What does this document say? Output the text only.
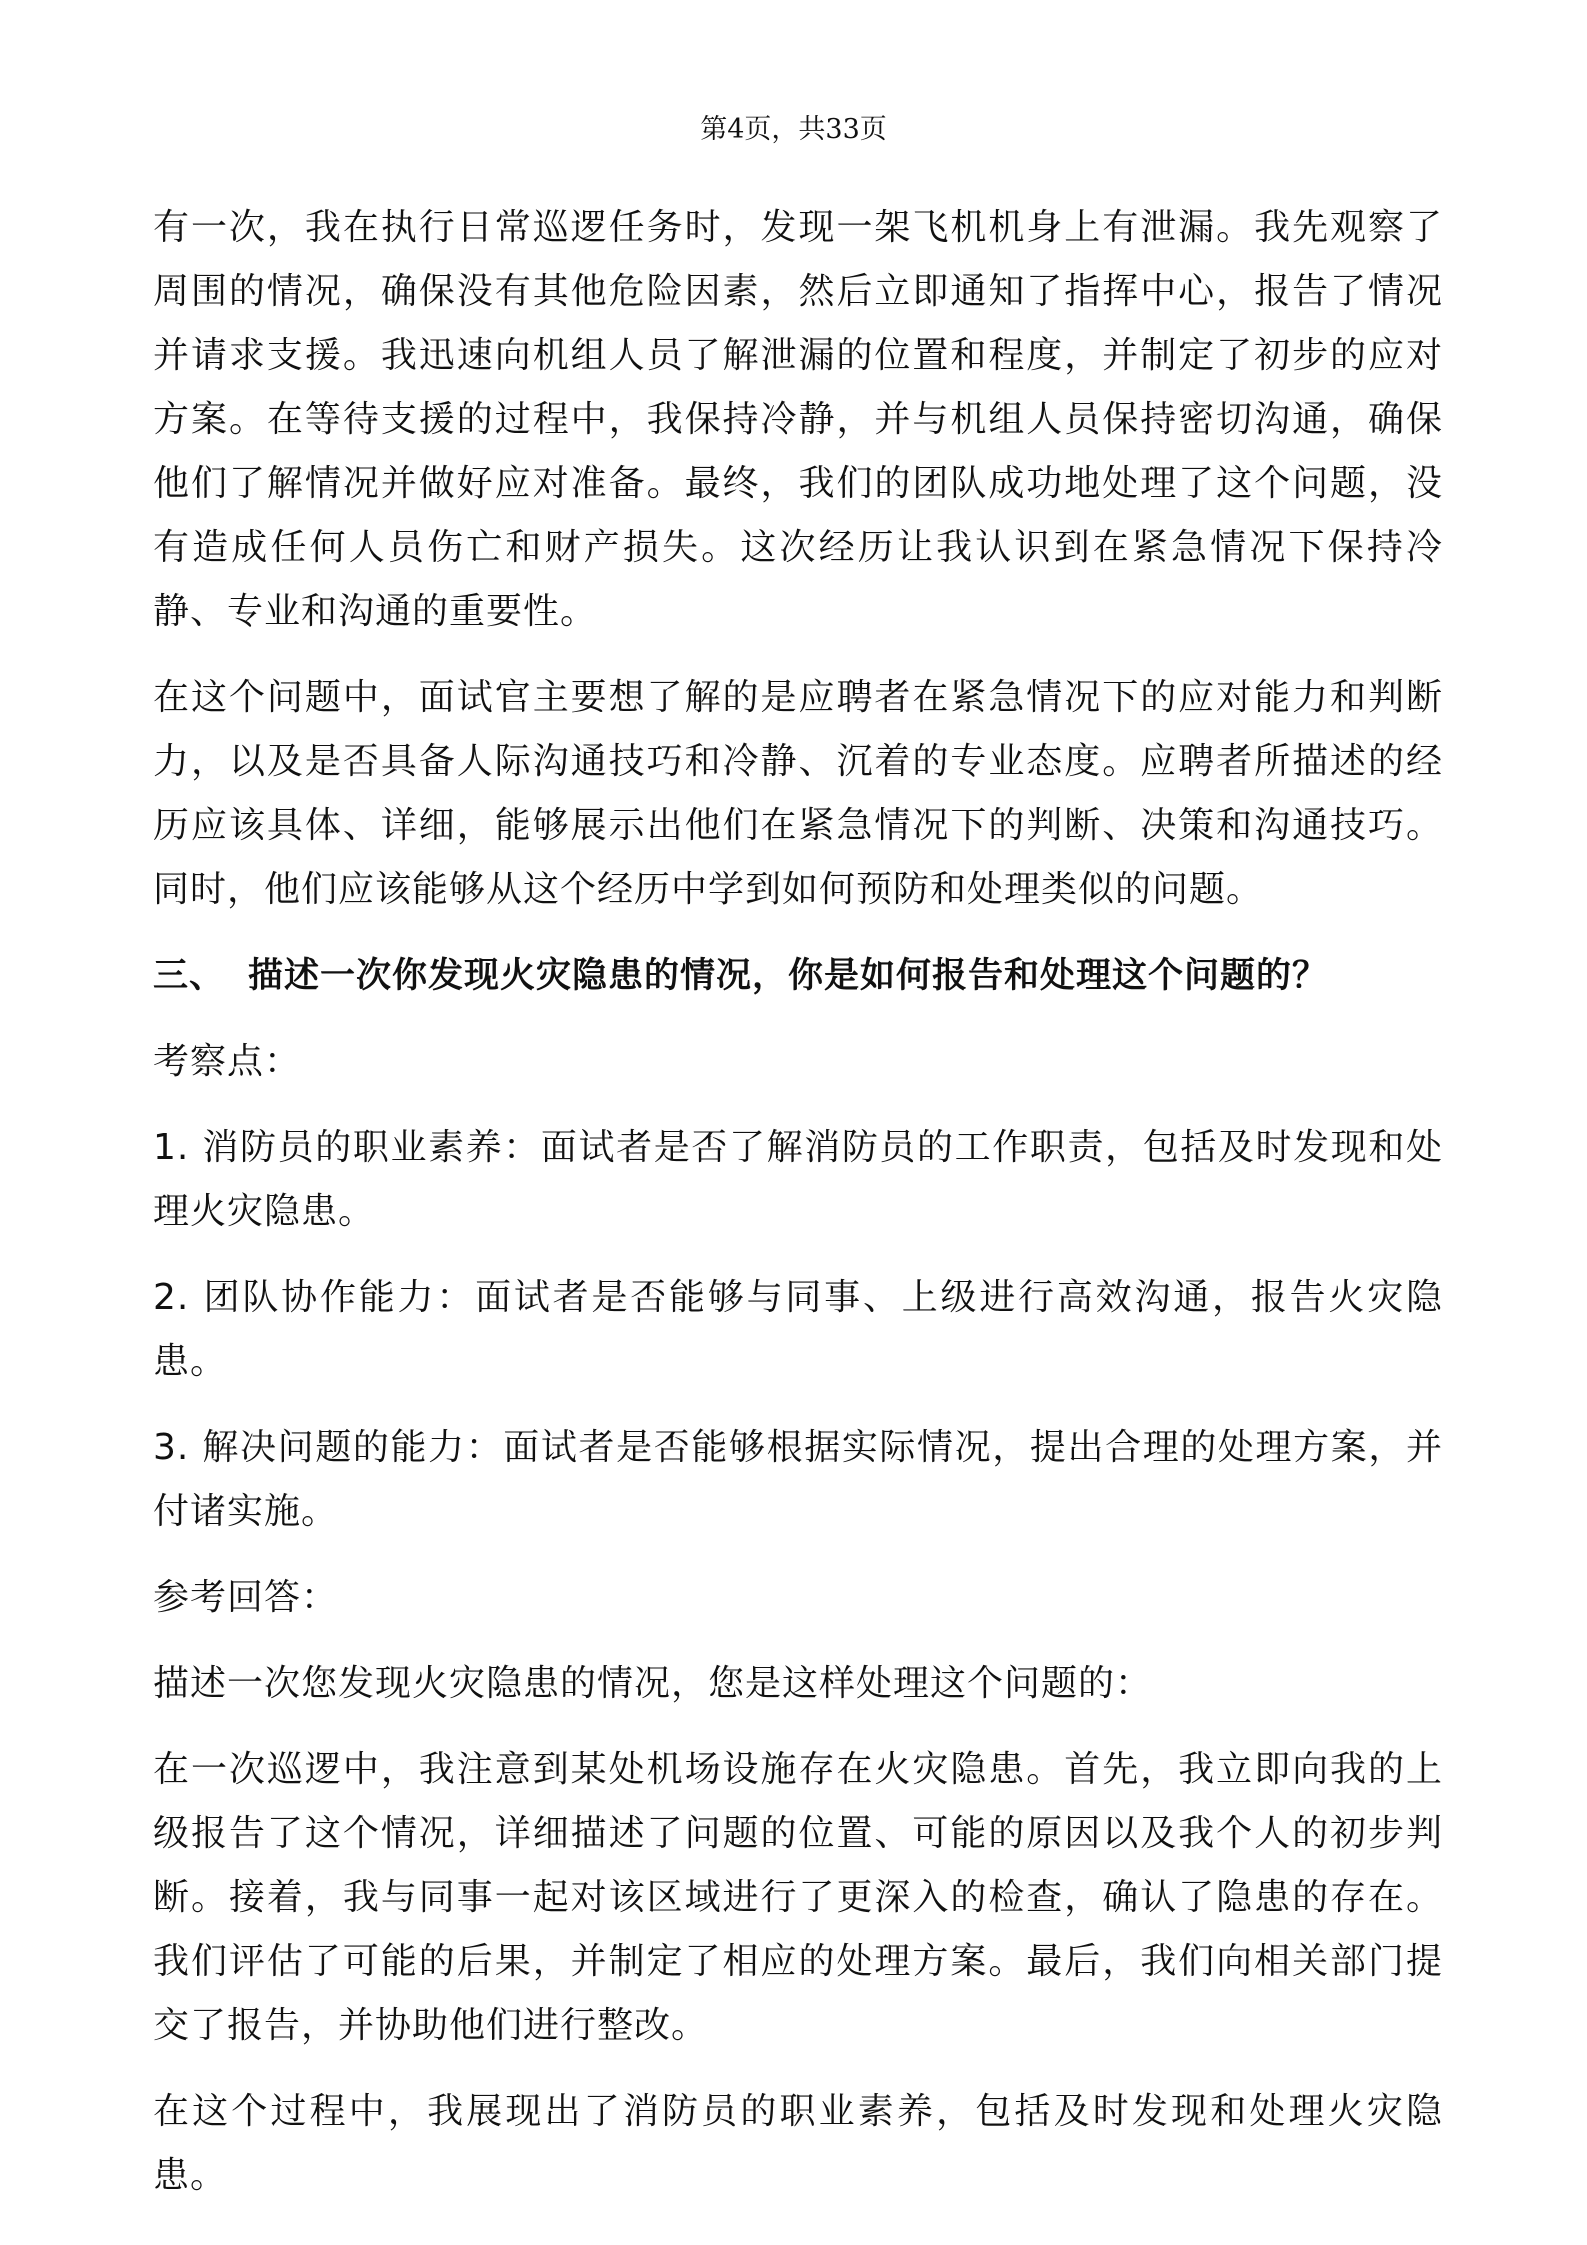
第4页，共33页

有一次，我在执行日常巡逻任务时，发现一架飞机机身上有泄漏。我先观察了周围的情况，确保没有其他危险因素，然后立即通知了指挥中心，报告了情况并请求支援。我迅速向机组人员了解泄漏的位置和程度，并制定了初步的应对方案。在等待支援的过程中，我保持冷静，并与机组人员保持密切沟通，确保他们了解情况并做好应对准备。最终，我们的团队成功地处理了这个问题，没有造成任何人员伤亡和财产损失。这次经历让我认识到在紧急情况下保持冷静、专业和沟通的重要性。

在这个问题中，面试官主要想了解的是应聘者在紧急情况下的应对能力和判断力，以及是否具备人际沟通技巧和冷静、沉着的专业态度。应聘者所描述的经历应该具体、详细，能够展示出他们在紧急情况下的判断、决策和沟通技巧。同时，他们应该能够从这个经历中学到如何预防和处理类似的问题。

三、 描述一次你发现火灾隐患的情况，你是如何报告和处理这个问题的？

考察点：

1. 消防员的职业素养：面试者是否了解消防员的工作职责，包括及时发现和处理火灾隐患。

2. 团队协作能力：面试者是否能够与同事、上级进行高效沟通，报告火灾隐患。

3. 解决问题的能力：面试者是否能够根据实际情况，提出合理的处理方案，并付诸实施。

参考回答：

描述一次您发现火灾隐患的情况，您是这样处理这个问题的：

在一次巡逻中，我注意到某处机场设施存在火灾隐患。首先，我立即向我的上级报告了这个情况，详细描述了问题的位置、可能的原因以及我个人的初步判断。接着，我与同事一起对该区域进行了更深入的检查，确认了隐患的存在。我们评估了可能的后果，并制定了相应的处理方案。最后，我们向相关部门提交了报告，并协助他们进行整改。

在这个过程中，我展现出了消防员的职业素养，包括及时发现和处理火灾隐患。
